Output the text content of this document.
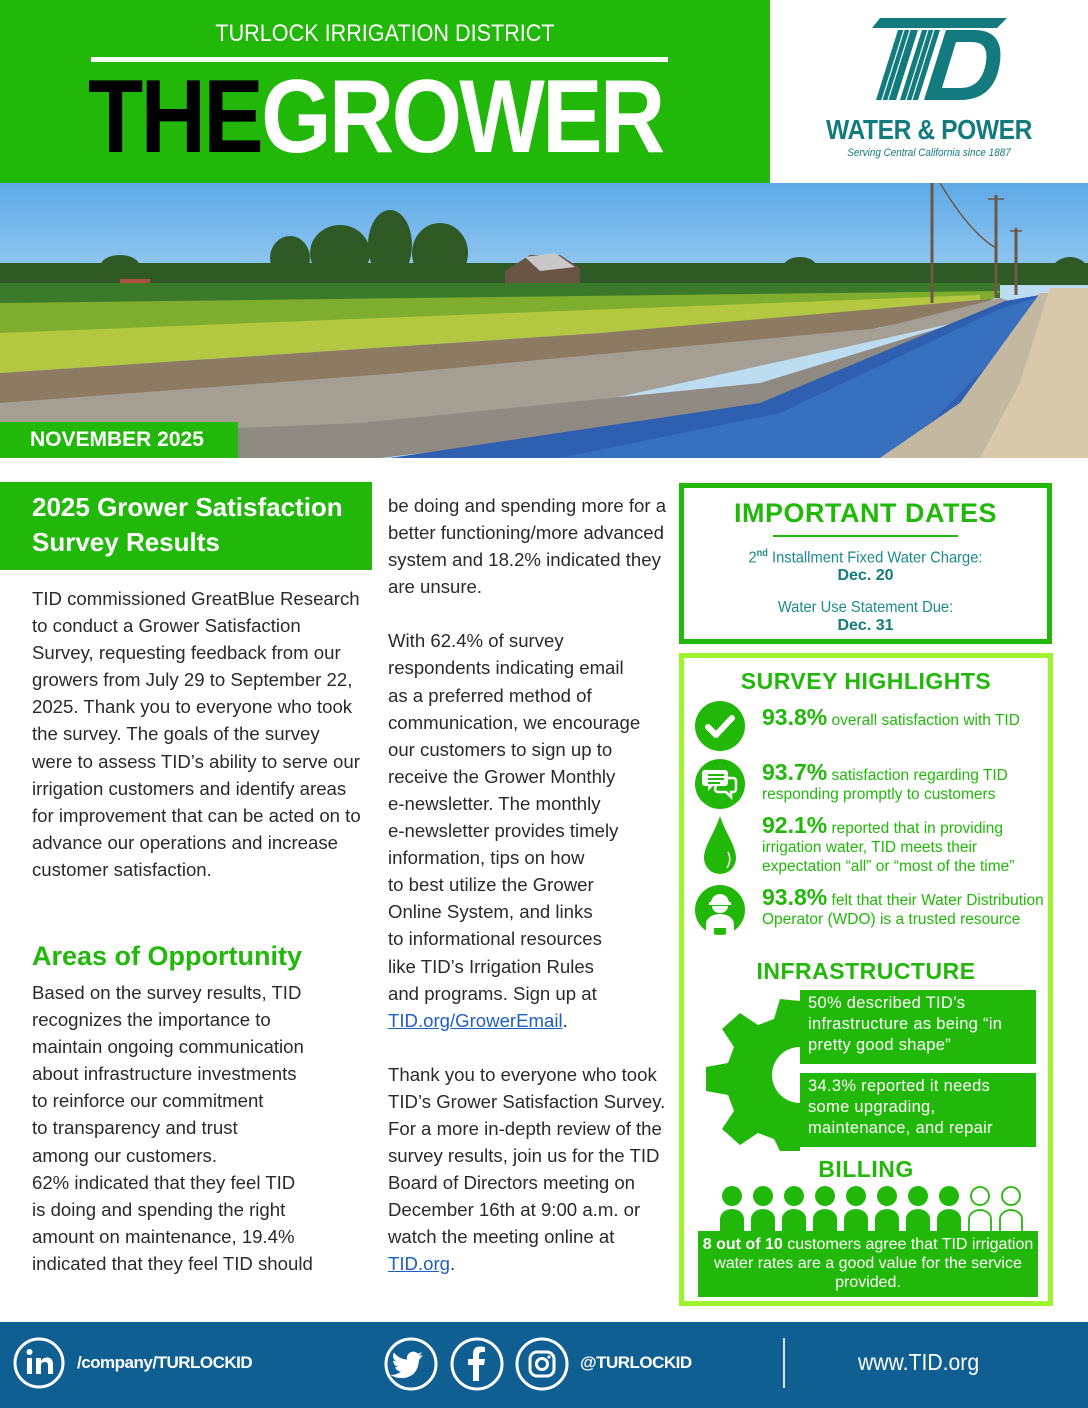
TURLOCK IRRIGATION DISTRICT
THEGROWER	WATER & POWER
Serving Central California since 1887
NOVEMBER 2025
2025 Grower Satisfaction Survey Results
TID commissioned GreatBlue Research to conduct a Grower Satisfaction Survey, requesting feedback from our growers from July 29 to September 22, 2025. Thank you to everyone who took the survey. The goals of the survey were to assess TID’s ability to serve our irrigation customers and identify areas for improvement that can be acted on to advance our operations and increase customer satisfaction.
Areas of Opportunity
Based on the survey results, TID
recognizes the importance to
maintain ongoing communication
about infrastructure investments
to reinforce our commitment
to transparency and trust
among our customers.
62% indicated that they feel TID
is doing and spending the right
amount on maintenance, 19.4%
indicated that they feel TID should

be doing and spending more for a better functioning/more advanced system and 18.2% indicated they are unsure.

With 62.4% of survey
respondents indicating email
as a preferred method of
communication, we encourage
our customers to sign up to
receive the Grower Monthly
e-newsletter. The monthly
e-newsletter provides timely
information, tips on how
to best utilize the Grower
Online System, and links
to informational resources
like TID’s Irrigation Rules
and programs. Sign up at
TID.org/GrowerEmail.

Thank you to everyone who took TID’s Grower Satisfaction Survey. For a more in-depth review of the survey results, join us for the TID Board of Directors meeting on December 16th at 9:00 a.m. or watch the meeting online at TID.org.

IMPORTANT DATES
2nd Installment Fixed Water Charge:
Dec. 20
Water Use Statement Due:
Dec. 31
SURVEY HIGHLIGHTS
93.8% overall satisfaction with TID
93.7% satisfaction regarding TID responding promptly to customers
92.1% reported that in providing irrigation water, TID meets their expectation “all” or “most of the time”
93.8% felt that their Water Distribution Operator (WDO) is a trusted resource
INFRASTRUCTURE
50% described TID’s infrastructure as being “in pretty good shape”
34.3% reported it needs some upgrading, maintenance, and repair
BILLING
8 out of 10 customers agree that TID irrigation water rates are a good value for the service provided.
/company/TURLOCKID	@TURLOCKID	www.TID.org
